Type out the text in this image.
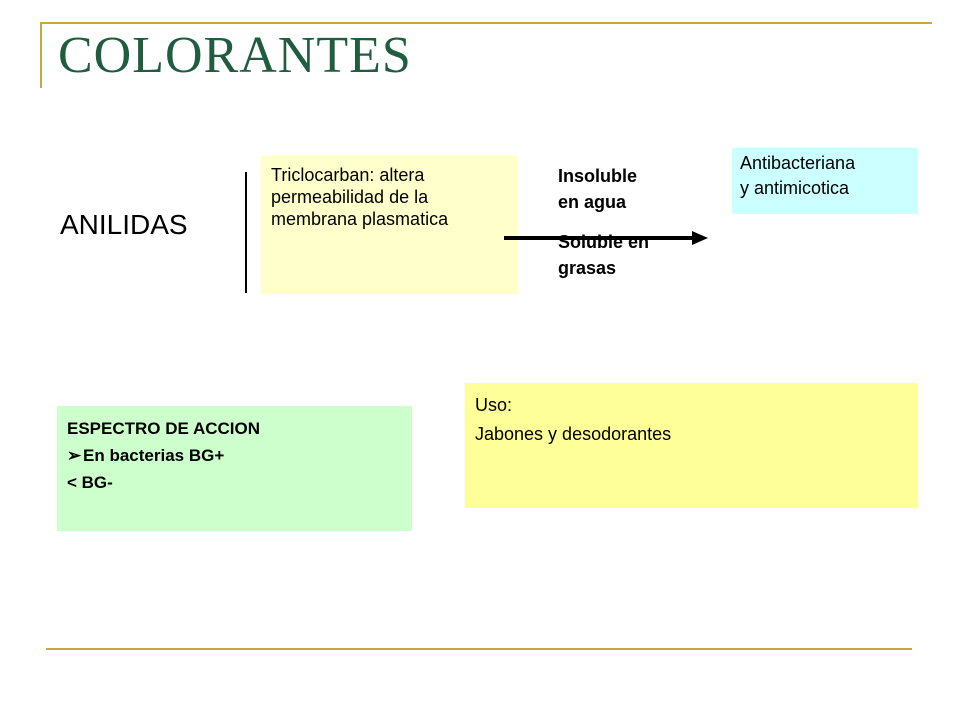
COLORANTES
ANILIDAS
Triclocarban: altera
permeabilidad de la
membrana plasmatica
Insoluble
en agua
Soluble en
grasas
Antibacteriana
y antimicotica
ESPECTRO DE ACCION
➢ En bacterias BG+
< BG-
Uso:
Jabones y desodorantes
